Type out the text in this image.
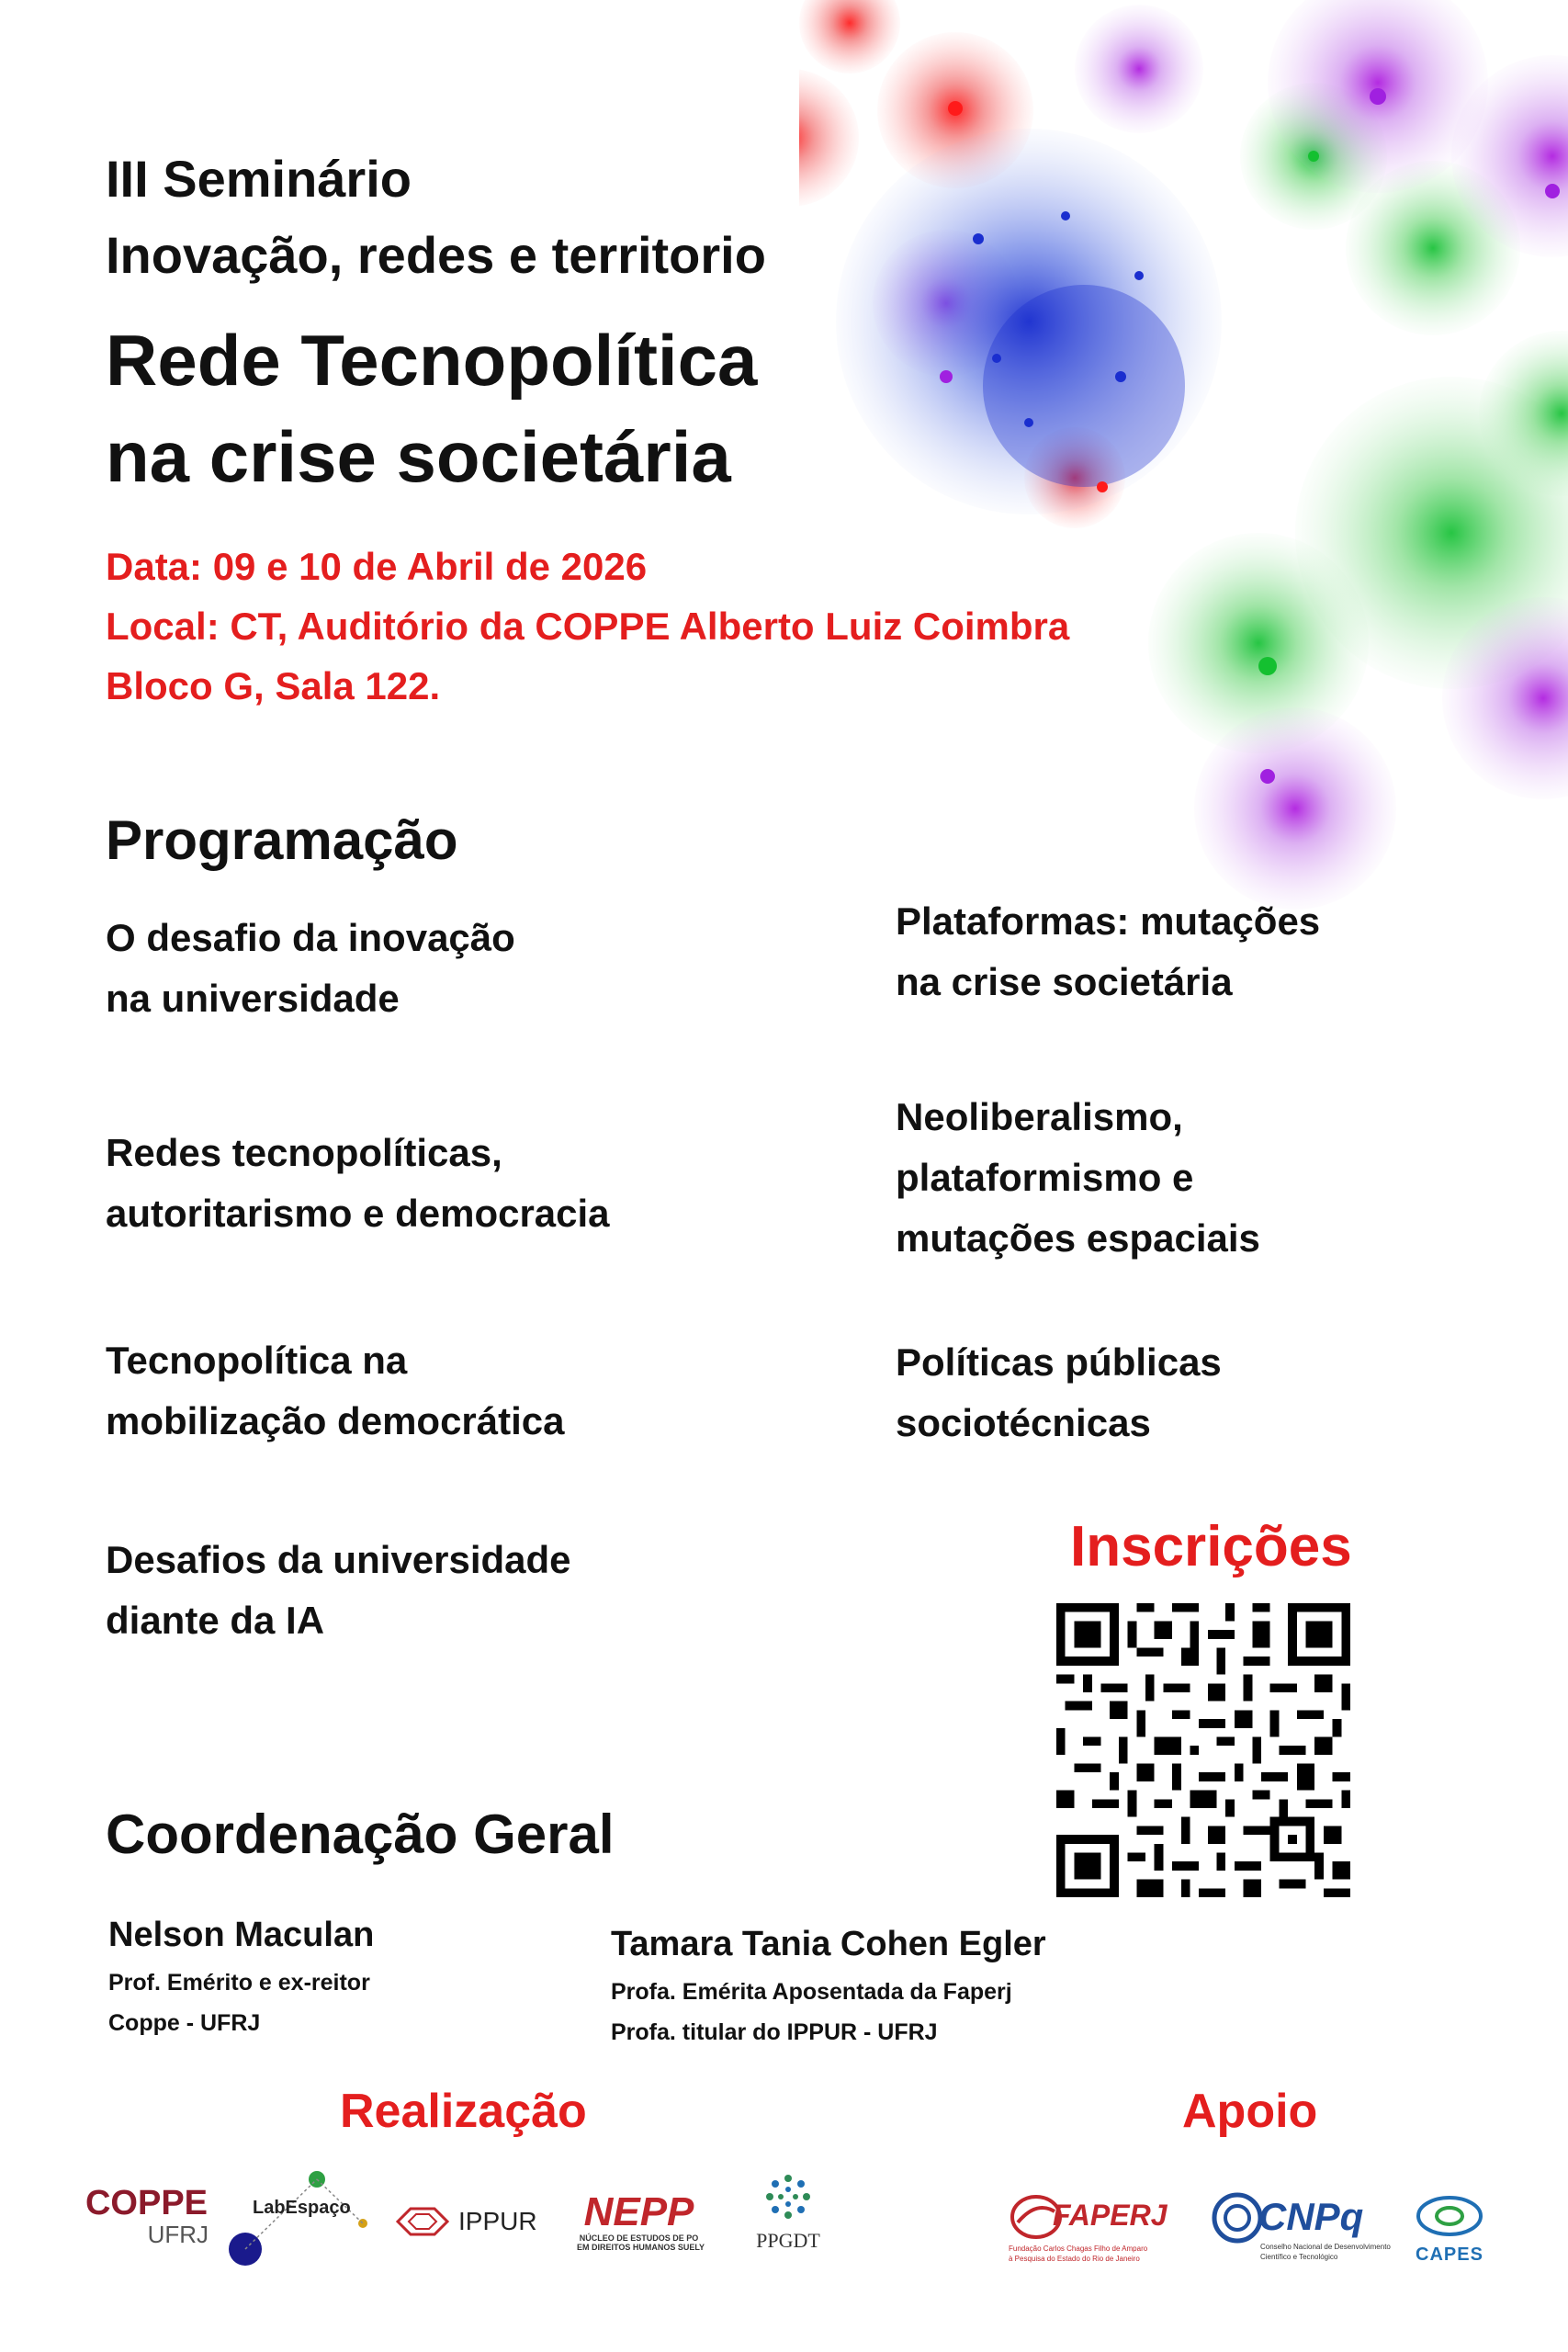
III Seminário
Inovação, redes e territorio
Rede Tecnopolítica
na crise societária
Data: 09 e 10 de Abril de 2026
Local: CT, Auditório da COPPE Alberto Luiz Coimbra
Bloco G, Sala 122.
Programação
O desafio da inovação
na universidade
Redes tecnopolíticas,
autoritarismo e democracia
Tecnopolítica na
mobilização democrática
Desafios da universidade
diante da IA
Plataformas: mutações
na crise societária
Neoliberalismo,
plataformismo e
mutações espaciais
Políticas públicas
sociotécnicas
Inscrições
Coordenação Geral
Nelson Maculan
Prof. Emérito e ex-reitor
Coppe - UFRJ
Tamara Tania Cohen Egler
Profa. Emérita Aposentada da Faperj
Profa. titular do IPPUR - UFRJ
Realização	Apoio
COPPE
UFRJ
LabEspaço	IPPUR NEPP
NÚCLEO DE ESTUDOS DE PO
EM DIREITOS HUMANOS SUELY	PPGDT
FAPERJ
Fundação Carlos Chagas Filho de Amparo
à Pesquisa do Estado do Rio de Janeiro
CNPq
Conselho Nacional de Desenvolvimento
Científico e Tecnológico	CAPES
